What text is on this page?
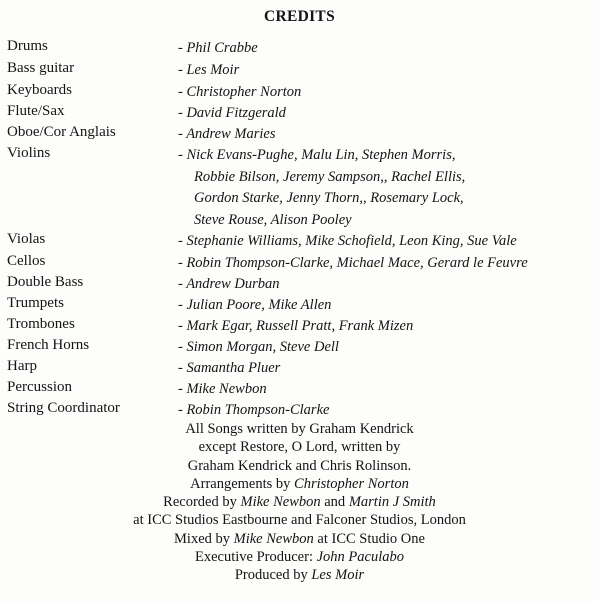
CREDITS
Drums	- Phil Crabbe
Bass guitar	- Les Moir
Keyboards	- Christopher Norton
Flute/Sax	- David Fitzgerald
Oboe/Cor Anglais	- Andrew Maries
Violins	- Nick Evans-Pughe, Malu Lin, Stephen Morris,
Robbie Bilson, Jeremy Sampson,, Rachel Ellis,
Gordon Starke, Jenny Thorn,, Rosemary Lock,
Steve Rouse, Alison Pooley
Violas	- Stephanie Williams, Mike Schofield, Leon King, Sue Vale
Cellos	- Robin Thompson-Clarke, Michael Mace, Gerard le Feuvre
Double Bass	- Andrew Durban
Trumpets	- Julian Poore, Mike Allen
Trombones	- Mark Egar, Russell Pratt, Frank Mizen
French Horns	- Simon Morgan, Steve Dell
Harp	- Samantha Pluer
Percussion	- Mike Newbon
String Coordinator	- Robin Thompson-Clarke
All Songs written by Graham Kendrick
except Restore, O Lord, written by
Graham Kendrick and Chris Rolinson.
Arrangements by Christopher Norton
Recorded by Mike Newbon and Martin J Smith
at ICC Studios Eastbourne and Falconer Studios, London
Mixed by Mike Newbon at ICC Studio One
Executive Producer: John Paculabo
Produced by Les Moir
